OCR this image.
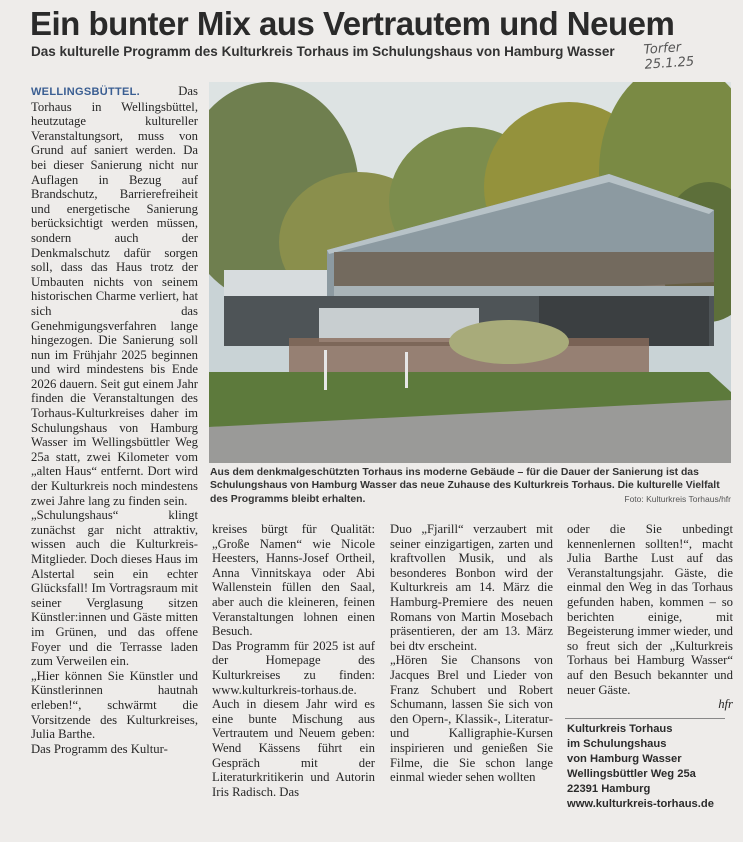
Ein bunter Mix aus Vertrautem und Neuem
Das kulturelle Programm des Kulturkreis Torhaus im Schulungshaus von Hamburg Wasser Torfer 25.1.25

WELLINGSBÜTTEL.	Das Torhaus in Wellingsbüttel, heutzutage kultureller Veranstaltungsort, muss von Grund auf saniert werden. Da bei dieser Sanierung nicht nur Auflagen in Bezug auf Brandschutz, Barrierefreiheit und energetische Sanierung berücksichtigt werden müssen, sondern auch der Denkmalschutz dafür sorgen soll, dass das Haus trotz der Umbauten nichts von seinem historischen Charme verliert, hat sich das Genehmigungsverfahren lange hingezogen. Die Sanierung soll nun im Frühjahr 2025 beginnen und wird mindestens bis Ende 2026 dauern. Seit gut einem Jahr finden die Veranstaltungen des Torhaus-Kulturkreises daher im Schulungshaus von Hamburg Wasser im Wellingsbüttler Weg 25a statt, zwei Kilometer vom „alten Haus“ entfernt. Dort wird der Kulturkreis noch mindestens zwei Jahre lang zu finden sein.

„Schulungshaus“ klingt zunächst gar nicht attraktiv, wissen auch die Kulturkreis-Mitglieder. Doch dieses Haus im Alstertal sein ein echter Glücksfall! Im Vortragsraum mit seiner Verglasung sitzen Künstler:innen und Gäste mitten im Grünen, und das offene Foyer und die Terrasse laden zum Verweilen ein.

„Hier können Sie Künstler und Künstlerinnen hautnah erleben!“, schwärmt die Vorsitzende des Kulturkreises, Julia Barthe.

Das Programm des Kultur-

Aus dem denkmalgeschützten Torhaus ins moderne Gebäude – für die Dauer der Sanierung ist das Schulungshaus von Hamburg Wasser das neue Zuhause des Kulturkreis Torhaus. Die kulturelle Vielfalt des Programms bleibt erhalten.	Foto: Kulturkreis Torhaus/hfr

kreises bürgt für Qualität: „Große Namen“ wie Nicole Heesters, Hanns-Josef Ortheil, Anna Vinnitskaya oder Abi Wallenstein füllen den Saal, aber auch die kleineren, feinen Veranstaltungen lohnen einen Besuch.

Das Programm für 2025 ist auf der Homepage des Kulturkreises zu finden: www.kulturkreis-torhaus.de. Auch in diesem Jahr wird es eine bunte Mischung aus Vertrautem und Neuem geben: Wend Kässens führt ein Gespräch mit der Literaturkritikerin und Autorin Iris Radisch. Das

Duo „Fjarill“ verzaubert mit seiner einzigartigen, zarten und kraftvollen Musik, und als besonderes Bonbon wird der Kulturkreis am 14. März die Hamburg-Premiere des neuen Romans von Martin Mosebach präsentieren, der am 13. März bei dtv erscheint.

„Hören Sie Chansons von Jacques Brel und Lieder von Franz Schubert und Robert Schumann, lassen Sie sich von den Opern-, Klassik-, Literatur- und Kalligraphie-Kursen inspirieren und genießen Sie Filme, die Sie schon lange einmal wieder sehen wollten

oder die Sie unbedingt kennenlernen sollten!“, macht Julia Barthe Lust auf das Veranstaltungsjahr. Gäste, die einmal den Weg in das Torhaus gefunden haben, kommen – so berichten einige, mit Begeisterung immer wieder, und so freut sich der „Kulturkreis Torhaus bei Hamburg Wasser“ auf den Besuch bekannter und neuer Gäste.

hfr

Kulturkreis Torhaus
im Schulungshaus
von Hamburg Wasser
Wellingsbüttler Weg 25a
22391 Hamburg
www.kulturkreis-torhaus.de
